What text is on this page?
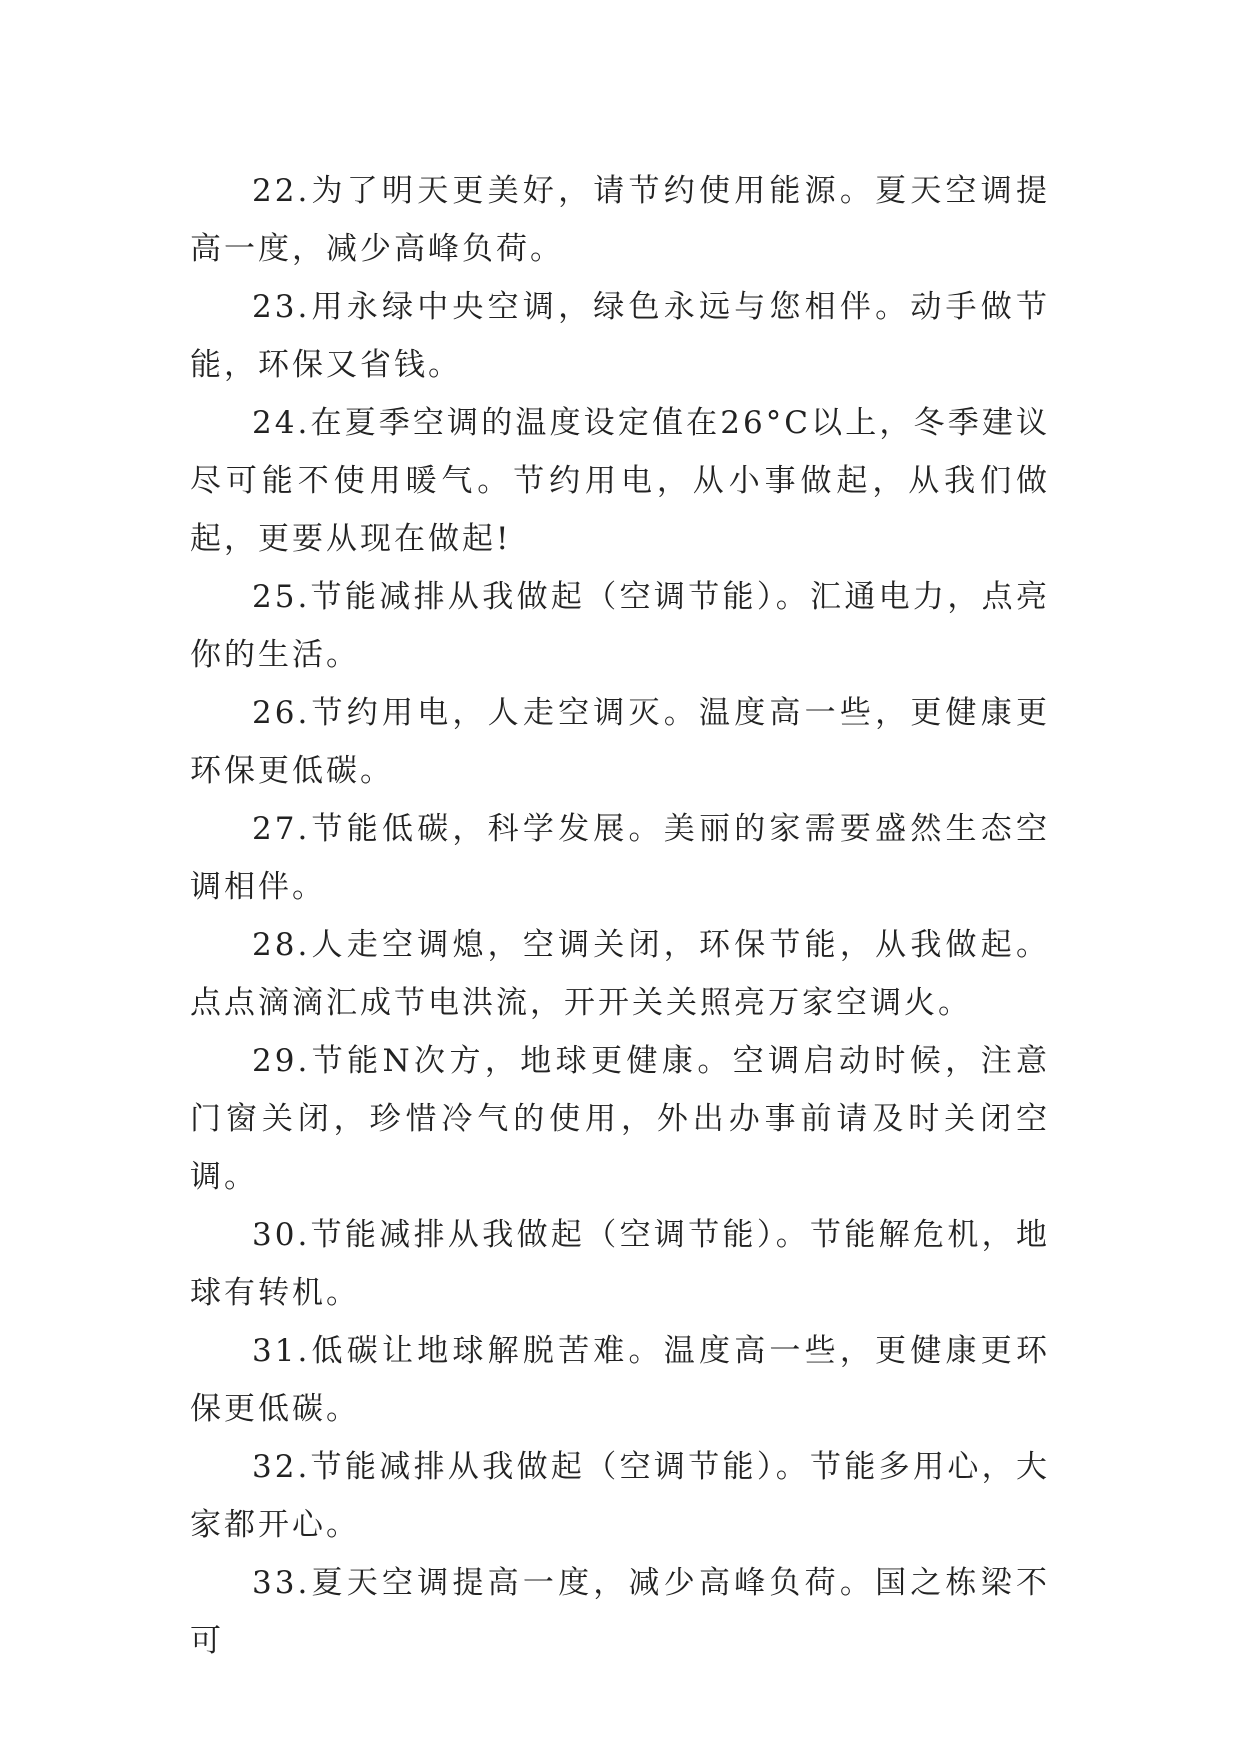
22.为了明天更美好，请节约使用能源。夏天空调提高一度，减少高峰负荷。

23.用永绿中央空调，绿色永远与您相伴。动手做节能，环保又省钱。

24.在夏季空调的温度设定值在26°C以上，冬季建议尽可能不使用暖气。节约用电，从小事做起，从我们做起，更要从现在做起!

25.节能减排从我做起（空调节能）。汇通电力，点亮你的生活。

26.节约用电，人走空调灭。温度高一些，更健康更环保更低碳。

27.节能低碳，科学发展。美丽的家需要盛然生态空调相伴。

28.人走空调熄，空调关闭，环保节能，从我做起。点点滴滴汇成节电洪流，开开关关照亮万家空调火。

29.节能N次方，地球更健康。空调启动时候，注意门窗关闭，珍惜冷气的使用，外出办事前请及时关闭空调。

30.节能减排从我做起（空调节能）。节能解危机，地球有转机。

31.低碳让地球解脱苦难。温度高一些，更健康更环保更低碳。

32.节能减排从我做起（空调节能）。节能多用心，大家都开心。

33.夏天空调提高一度，减少高峰负荷。国之栋梁不可
